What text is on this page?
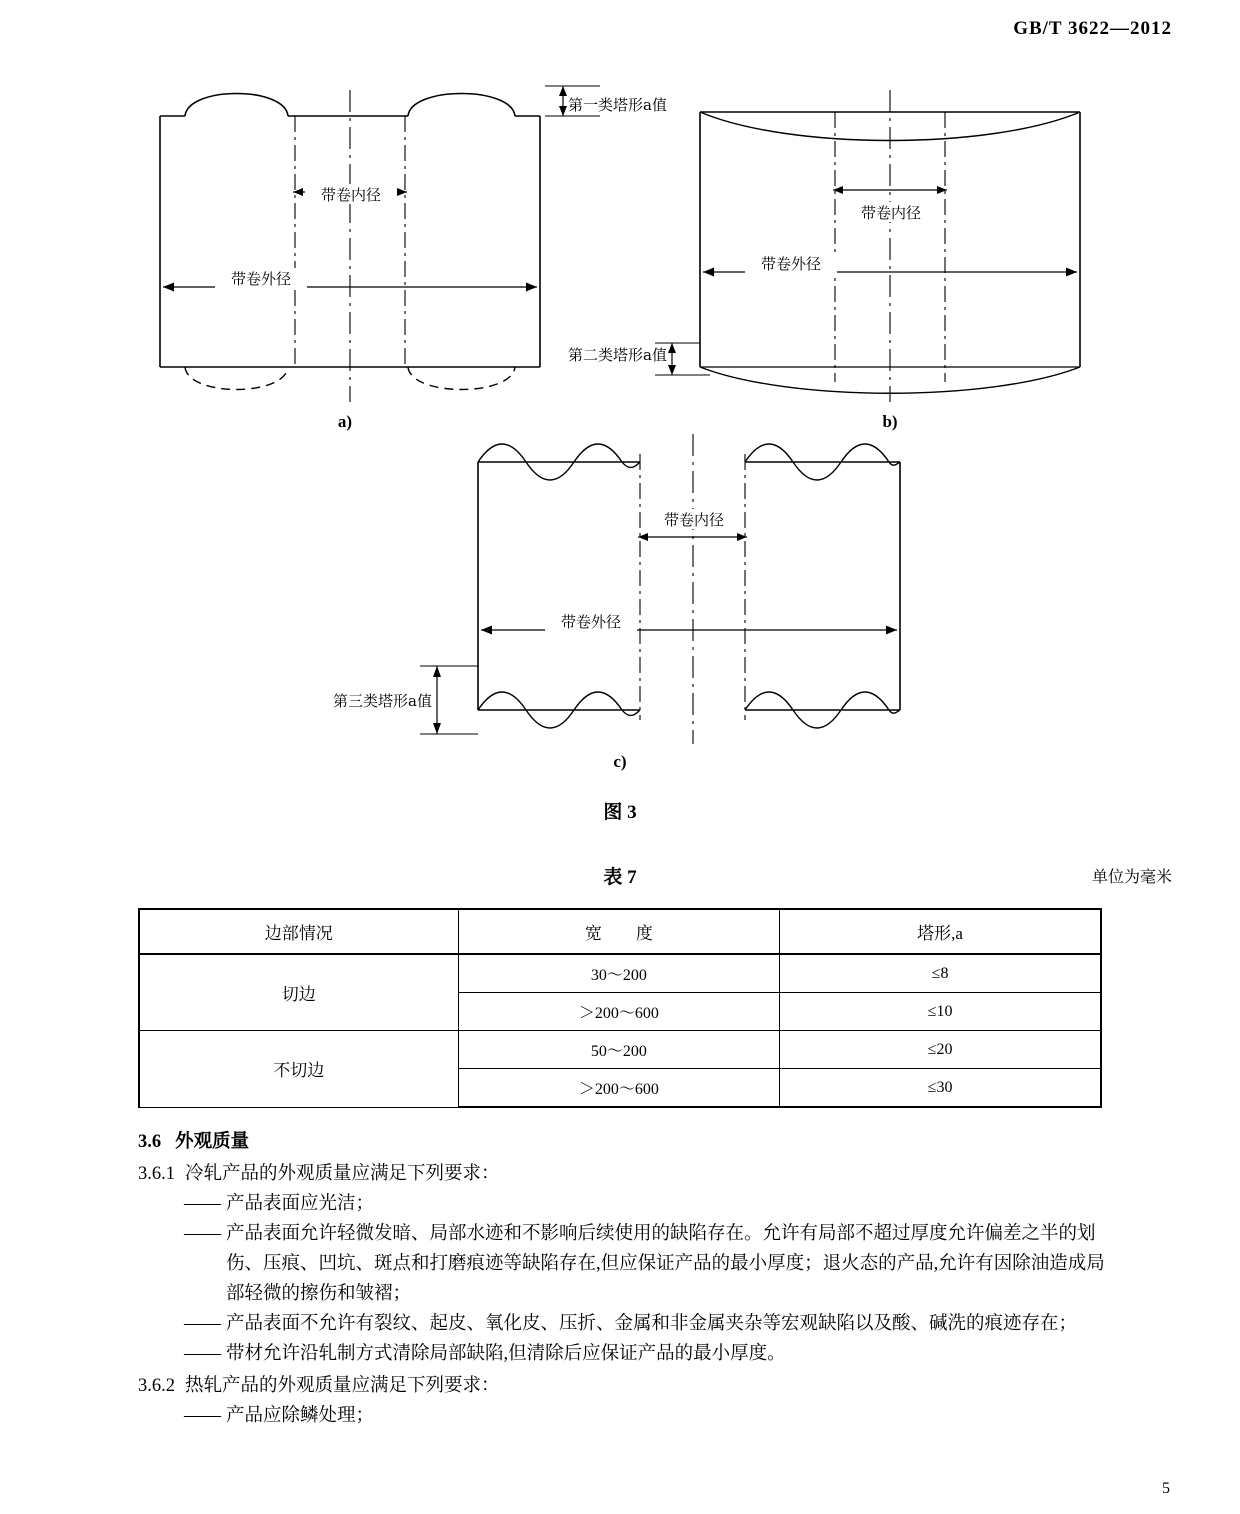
GB/T 3622—2012
带卷内径
带卷外径
第一类塔形a值
a)
带卷内径
带卷外径
第二类塔形a值
b)
带卷内径
带卷外径
第三类塔形a值
c)
图 3
表 7	单位为毫米
边部情况	宽　　度	塔形,a
切边	30～200	≤8
	＞200～600	≤10
不切边	50～200	≤20
	＞200～600	≤30
3.6 外观质量
3.6.1 冷轧产品的外观质量应满足下列要求：
—— 产品表面应光洁；
—— 产品表面允许轻微发暗、局部水迹和不影响后续使用的缺陷存在。允许有局部不超过厚度允许偏差之半的划伤、压痕、凹坑、斑点和打磨痕迹等缺陷存在,但应保证产品的最小厚度；退火态的产品,允许有因除油造成局部轻微的擦伤和皱褶；
—— 产品表面不允许有裂纹、起皮、氧化皮、压折、金属和非金属夹杂等宏观缺陷以及酸、碱洗的痕迹存在；
—— 带材允许沿轧制方式清除局部缺陷,但清除后应保证产品的最小厚度。
3.6.2 热轧产品的外观质量应满足下列要求：
—— 产品应除鳞处理；
5
